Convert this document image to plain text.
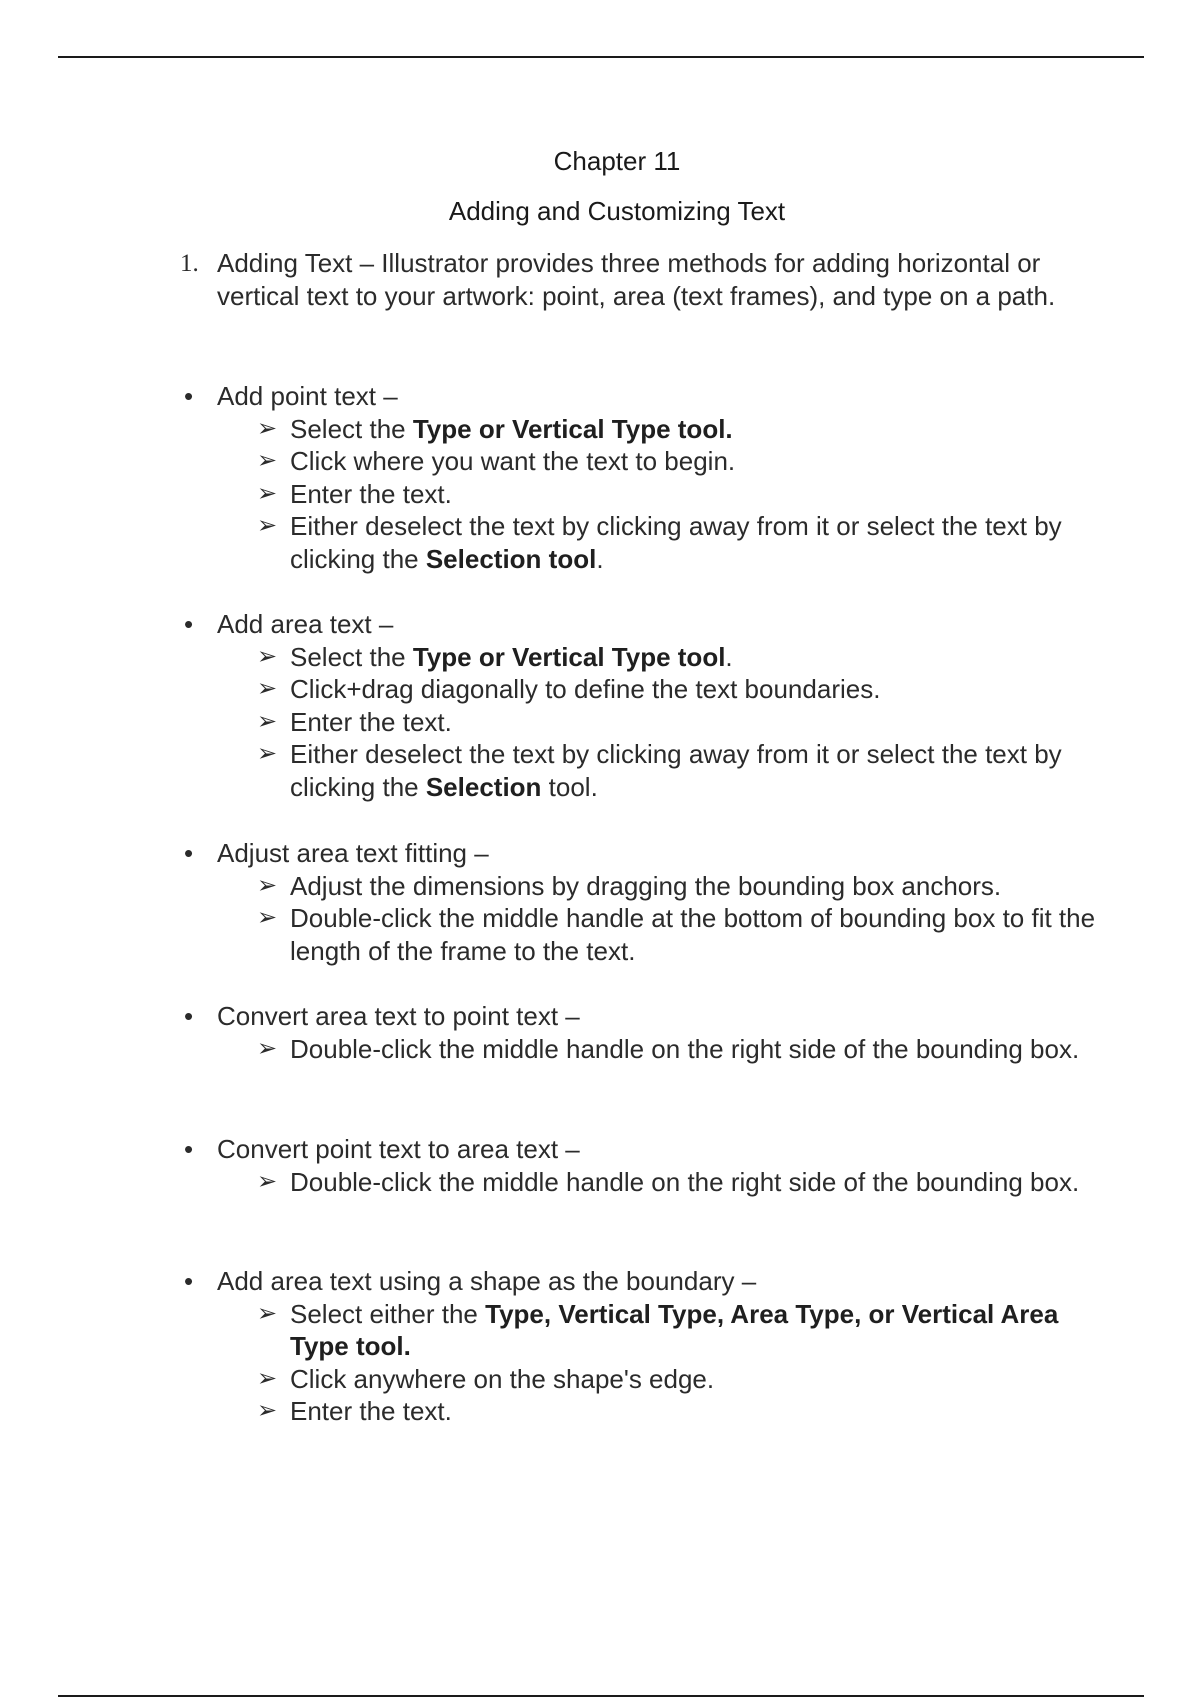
Chapter 11
Adding and Customizing Text
1. Adding Text – Illustrator provides three methods for adding horizontal or vertical text to your artwork: point, area (text frames), and type on a path.
• Add point text –
➢ Select the Type or Vertical Type tool.
➢ Click where you want the text to begin.
➢ Enter the text.
➢ Either deselect the text by clicking away from it or select the text by clicking the Selection tool.
• Add area text –
➢ Select the Type or Vertical Type tool.
➢ Click+drag diagonally to define the text boundaries.
➢ Enter the text.
➢ Either deselect the text by clicking away from it or select the text by clicking the Selection tool.
• Adjust area text fitting –
➢ Adjust the dimensions by dragging the bounding box anchors.
➢ Double-click the middle handle at the bottom of bounding box to fit the length of the frame to the text.
• Convert area text to point text –
➢ Double-click the middle handle on the right side of the bounding box.
• Convert point text to area text –
➢ Double-click the middle handle on the right side of the bounding box.
• Add area text using a shape as the boundary –
➢ Select either the Type, Vertical Type, Area Type, or Vertical Area Type tool.
➢ Click anywhere on the shape's edge.
➢ Enter the text.
